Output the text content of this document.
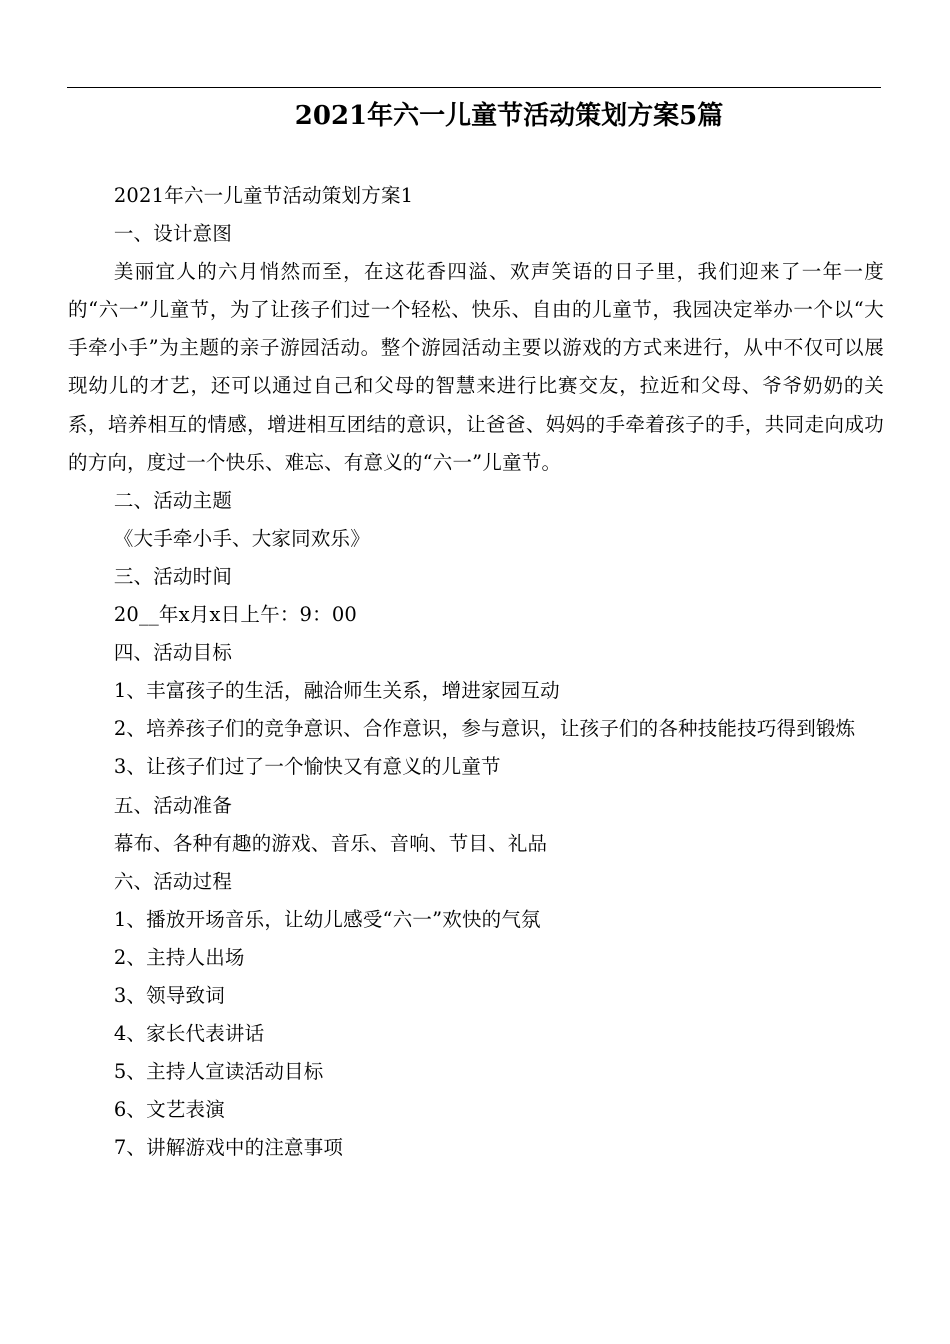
2021年六一儿童节活动策划方案5篇

2021年六一儿童节活动策划方案1

一、设计意图

美丽宜人的六月悄然而至，在这花香四溢、欢声笑语的日子里，我们迎来了一年一度的“六一”儿童节，为了让孩子们过一个轻松、快乐、自由的儿童节，我园决定举办一个以“大手牵小手”为主题的亲子游园活动。整个游园活动主要以游戏的方式来进行，从中不仅可以展现幼儿的才艺，还可以通过自己和父母的智慧来进行比赛交友，拉近和父母、爷爷奶奶的关系，培养相互的情感，增进相互团结的意识，让爸爸、妈妈的手牵着孩子的手，共同走向成功的方向，度过一个快乐、难忘、有意义的“六一”儿童节。

二、活动主题

《大手牵小手、大家同欢乐》

三、活动时间

20__年x月x日上午：9：00

四、活动目标

1、丰富孩子的生活，融洽师生关系，增进家园互动

2、培养孩子们的竞争意识、合作意识，参与意识，让孩子们的各种技能技巧得到锻炼

3、让孩子们过了一个愉快又有意义的儿童节

五、活动准备

幕布、各种有趣的游戏、音乐、音响、节目、礼品

六、活动过程

1、播放开场音乐，让幼儿感受“六一”欢快的气氛

2、主持人出场

3、领导致词

4、家长代表讲话

5、主持人宣读活动目标

6、文艺表演

7、讲解游戏中的注意事项
